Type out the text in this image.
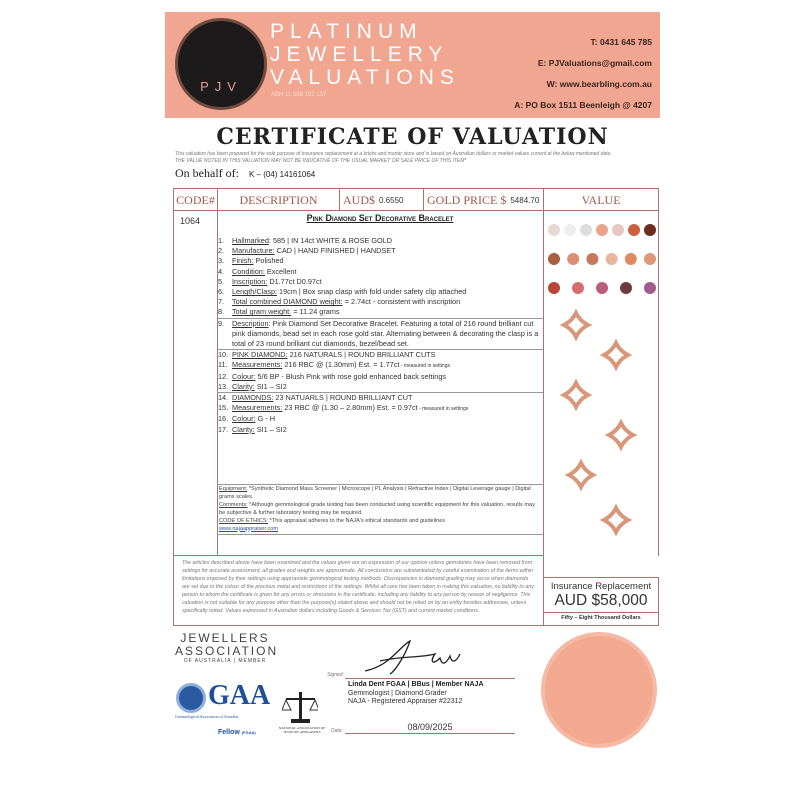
PJV
PLATINUM
JEWELLERY
VALUATIONS
ABN 11 588 192 137
T: 0431 645 785
E: PJValuations@gmail.com
W: www.bearbling.com.au
A: PO Box 1511 Beenleigh @ 4207
CERTIFICATE OF VALUATION
This valuation has been prepared for the sole purpose of insurance replacement at a bricks and mortar store and is based on Australian dollars or market values current at the below mentioned date.
THE VALUE NOTED IN THIS VALUATION MAY NOT BE INDICATIVE OF THE USUAL MARKET OR SALE PRICE OF THIS ITEM*
On behalf of: K – (04) 14161064
CODE#	DESCRIPTION	AUD$ 0.6550 GOLD PRICE $ 5484.70	VALUE
1064	Pink Diamond Set Decorative Bracelet
1.	Hallmarked: 585 | IN 14ct WHITE & ROSE GOLD
2.	Manufacture: CAD | HAND FINISHED | HANDSET
3.	Finish: Polished
4.	Condition: Excellent
5.	Inscription: D1.77ct D0.97ct
6.	Length/Clasp: 19cm | Box snap clasp with fold under safety clip attached
7.	Total combined DIAMOND weight: = 2.74ct - consistent with inscription
8.	Total gram weight: = 11.24 grams
9.	Description: Pink Diamond Set Decorative Bracelet. Featuring a total of 216 round brilliant cut pink diamonds, bead set in each rose gold star. Alternating between & decorating the clasp is a total of 23 round brilliant cut diamonds, bezel/bead set.
10. PINK DIAMOND: 216 NATURALS | ROUND BRILLIANT CUTS
11. Measurements: 216 RBC @ (1.30mm) Est. = 1.77ct - measured in settings
12. Colour: 5/6 BP - Blush Pink with rose gold enhanced back settings
13. Clarity: SI1 – SI2
14. DIAMONDS: 23 NATUARLS | ROUND BRILLIANT CUT
15. Measurements: 23 RBC @ (1.30 – 2.80mm) Est. = 0.97ct - measured in settings
16. Colour: G - H
17. Clarity: SI1 – SI2
Equipment: *Synthetic Diamond Mass Screener | Microscope | PL Analysis | Refractive Index | Digital Leverage gauge | Digital grams scales.
Comments: *Although gemmological grade testing has been conducted using scientific equipment for this valuation, results may be subjective & further laboratory testing may be required.
CODE OF ETHICS: *This appraisal adheres to the NAJA's ethical standards and guidelines
www.najaappraiser.com
The articles described above have been examined and the values given are an expression of our opinion unless gemstones have been removed from settings for accurate assessment, all grades and weights are approximate. All conclusions are substantiated by careful examination of the items within limitations imposed by their settings using appropriate gemmological testing methods. Discrepancies in diamond grading may occur when diamonds are set due to the colour of the precious metal and restrictions of the settings. Whilst all care has been taken in making this valuation, no liability to any person to whom the certificate is given for any errors or omissions in the certificate, including any liability to any person by reason of negligence. This valuation is not suitable for any purpose other than the purpose(s) stated above and should not be relied on by an entity besides addressee, unless specifically noted. Values expressed in Australian dollars including Goods & Services Tax (GST) and current market conditions.
Insurance Replacement
AUD $58,000
Fifty – Eight Thousand Dollars
JEWELLERS
ASSOCIATION
OF AUSTRALIA | MEMBER
GAA
Gemmological Association of Australia
Fellow (FGAA)
NATIONAL ASSOCIATION OF JEWELRY APPRAISERS
Signed:
Linda Dent FGAA | BBus | Member NAJA
Gemmologist | Diamond Grader
NAJA - Registered Appraiser #22312
Date:	08/09/2025
